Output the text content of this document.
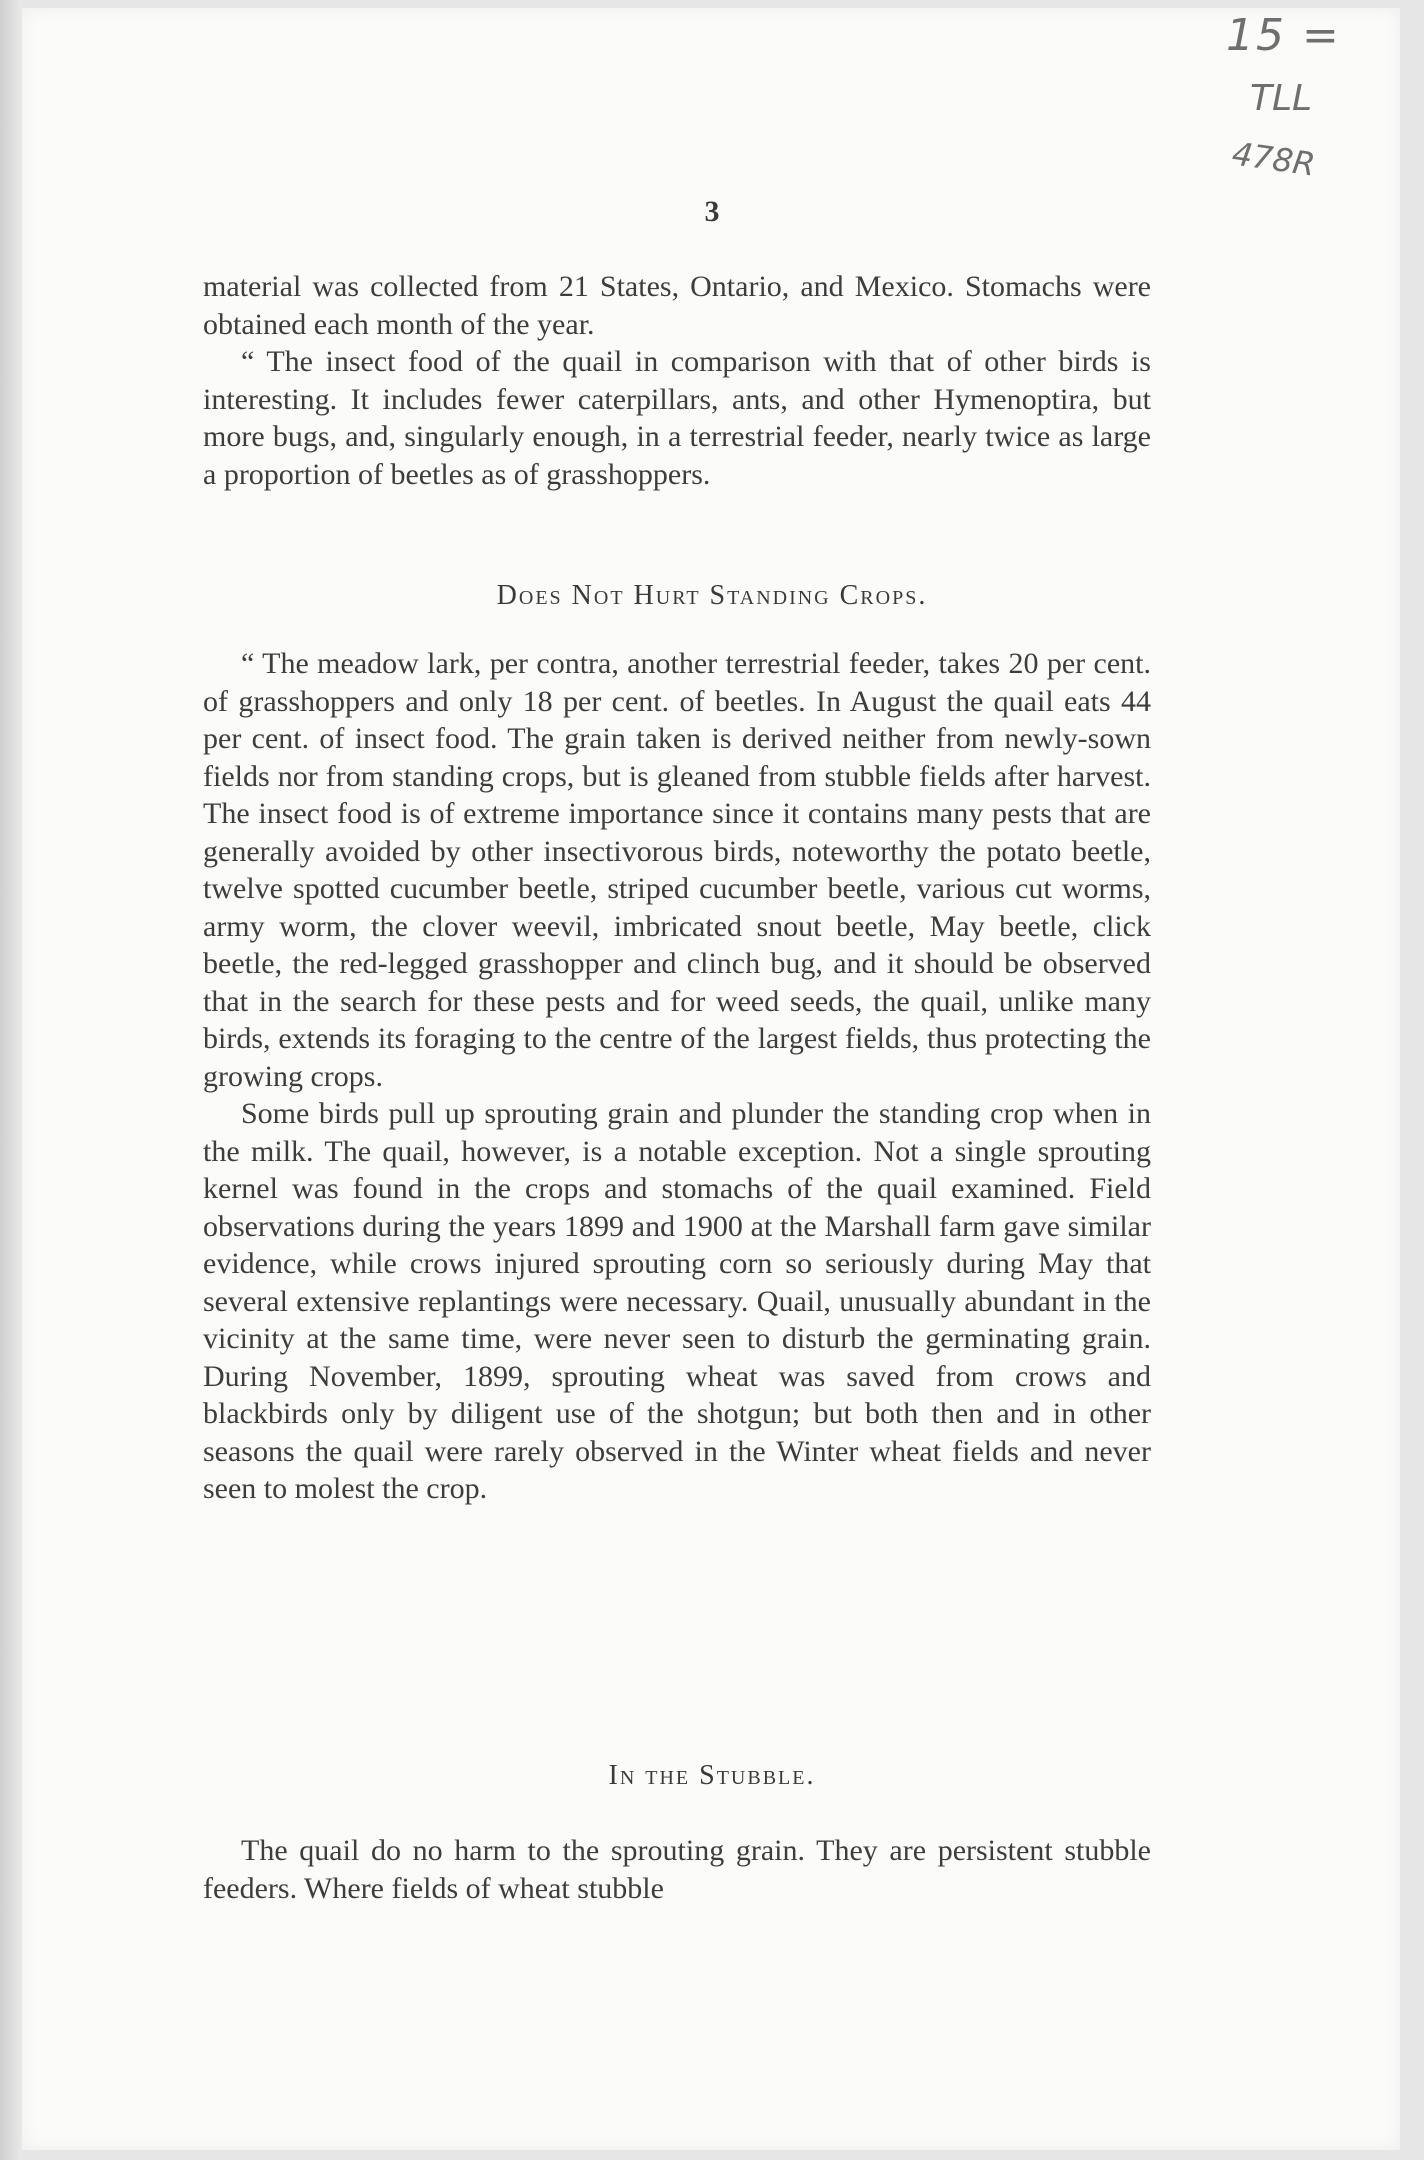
15 =
TLL
478R
3

material was collected from 21 States, Ontario, and Mexico. Stomachs were obtained each month of the year.

“ The insect food of the quail in comparison with that of other birds is interesting. It includes fewer caterpillars, ants, and other Hymenoptira, but more bugs, and, singularly enough, in a terrestrial feeder, nearly twice as large a proportion of beetles as of grasshoppers.

Does Not Hurt Standing Crops.

“ The meadow lark, per contra, another terrestrial feeder, takes 20 per cent. of grasshoppers and only 18 per cent. of beetles. In August the quail eats 44 per cent. of insect food. The grain taken is derived neither from newly-sown fields nor from standing crops, but is gleaned from stubble fields after harvest. The insect food is of extreme importance since it contains many pests that are generally avoided by other insectivorous birds, noteworthy the potato beetle, twelve spotted cucumber beetle, striped cucumber beetle, various cut worms, army worm, the clover weevil, imbricated snout beetle, May beetle, click beetle, the red-legged grasshopper and clinch bug, and it should be observed that in the search for these pests and for weed seeds, the quail, unlike many birds, extends its foraging to the centre of the largest fields, thus protecting the growing crops.

Some birds pull up sprouting grain and plunder the standing crop when in the milk. The quail, however, is a notable exception. Not a single sprouting kernel was found in the crops and stomachs of the quail examined. Field observations during the years 1899 and 1900 at the Marshall farm gave similar evidence, while crows injured sprouting corn so seriously during May that several extensive replantings were necessary. Quail, unusually abundant in the vicinity at the same time, were never seen to disturb the germinating grain. During November, 1899, sprouting wheat was saved from crows and blackbirds only by diligent use of the shotgun; but both then and in other seasons the quail were rarely observed in the Winter wheat fields and never seen to molest the crop.

In the Stubble.

The quail do no harm to the sprouting grain. They are persistent stubble feeders. Where fields of wheat stubble
